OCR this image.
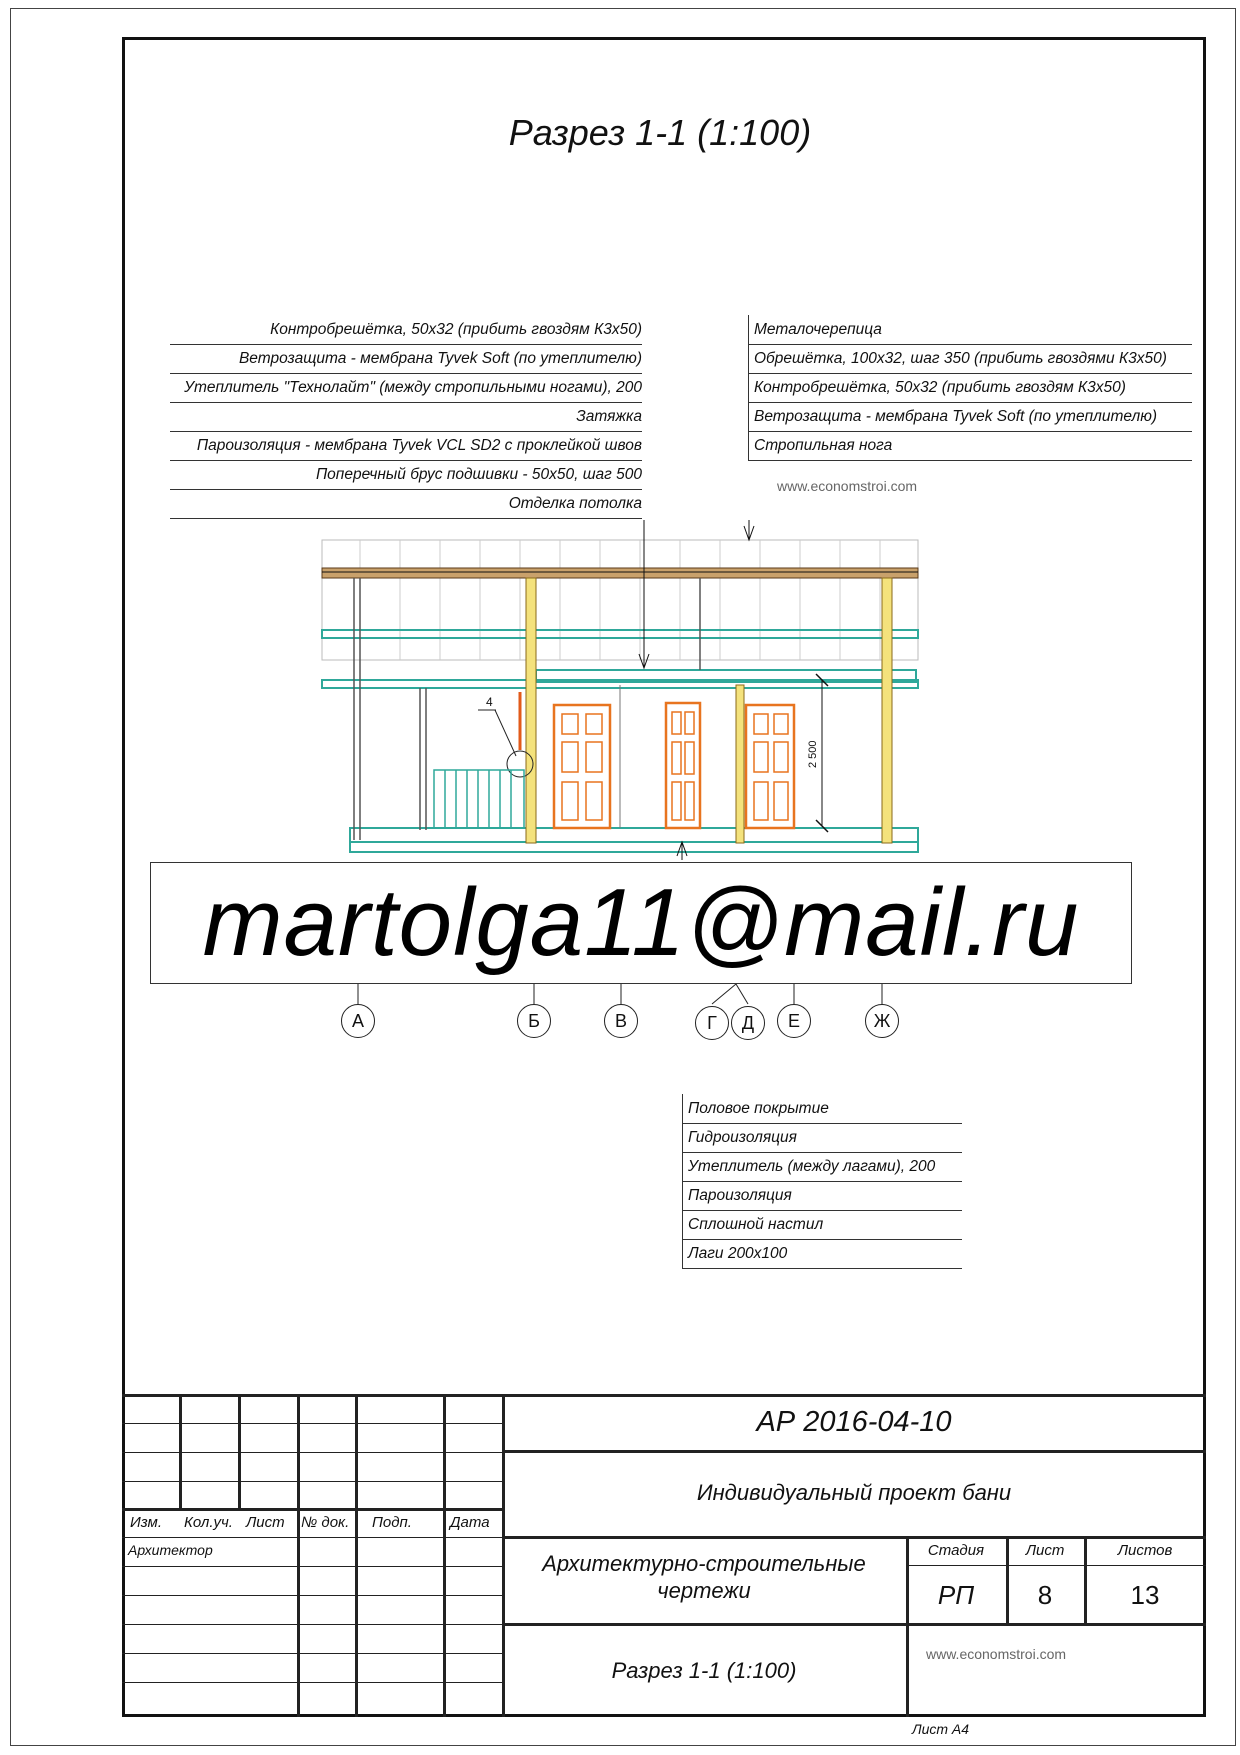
Разрез 1-1 (1:100)
Контробрешётка, 50х32 (прибить гвоздям К3х50)
Ветрозащита - мембрана Tyvek Soft (по утеплителю)
Утеплитель "Технолайт" (между стропильными ногами), 200
Затяжка
Пароизоляция - мембрана Tyvek VCL SD2 с проклейкой швов
Поперечный брус подшивки - 50х50, шаг 500
Отделка потолка
Металочерепица
Обрешётка, 100х32, шаг 350 (прибить гвоздями К3х50)
Контробрешётка, 50х32 (прибить гвоздям К3х50)
Ветрозащита - мембрана Tyvek Soft (по утеплителю)
Стропильная нога
www.economstroi.com
4
2 500
martolga11@mail.ru
А	Б	В	Г	Д	Е	Ж
Половое покрытие
Гидроизоляция
Утеплитель (между лагами), 200
Пароизоляция
Сплошной настил
Лаги 200х100
Изм. Кол.уч. Лист № док. Подп.	Дата
Архитектор
АР 2016-04-10
Индивидуальный проект бани
Архитектурно-строительные чертежи
Разрез 1-1 (1:100)
Стадия	Лист	Листов
РП	8	13
www.economstroi.com
Лист А4
